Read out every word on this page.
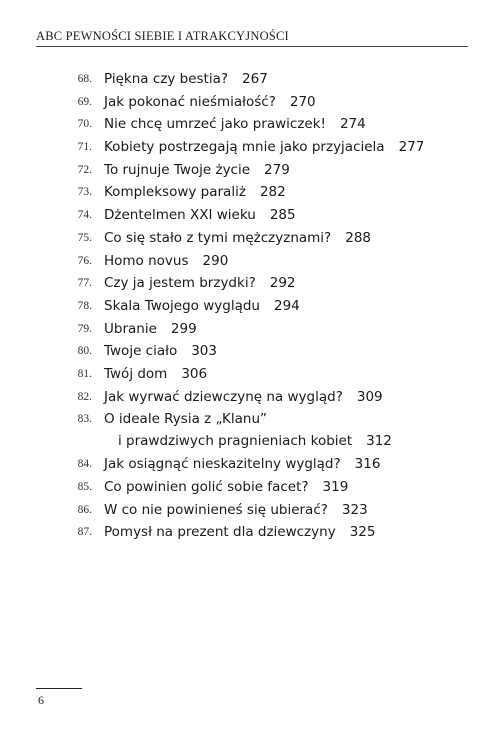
ABC PEWNOŚCI SIEBIE I ATRAKCYJNOŚCI
68. Piękna czy bestia? 267
69. Jak pokonać nieśmiałość? 270
70. Nie chcę umrzeć jako prawiczek! 274
71. Kobiety postrzegają mnie jako przyjaciela 277
72. To rujnuje Twoje życie 279
73. Kompleksowy paraliż 282
74. Dżentelmen XXI wieku 285
75. Co się stało z tymi mężczyznami? 288
76. Homo novus 290
77. Czy ja jestem brzydki? 292
78. Skala Twojego wyglądu 294
79. Ubranie 299
80. Twoje ciało 303
81. Twój dom 306
82. Jak wyrwać dziewczynę na wygląd? 309
83. O ideale Rysia z „Klanu”
i prawdziwych pragnieniach kobiet 312
84. Jak osiągnąć nieskazitelny wygląd? 316
85. Co powinien golić sobie facet? 319
86. W co nie powinieneś się ubierać? 323
87. Pomysł na prezent dla dziewczyny 325
6
